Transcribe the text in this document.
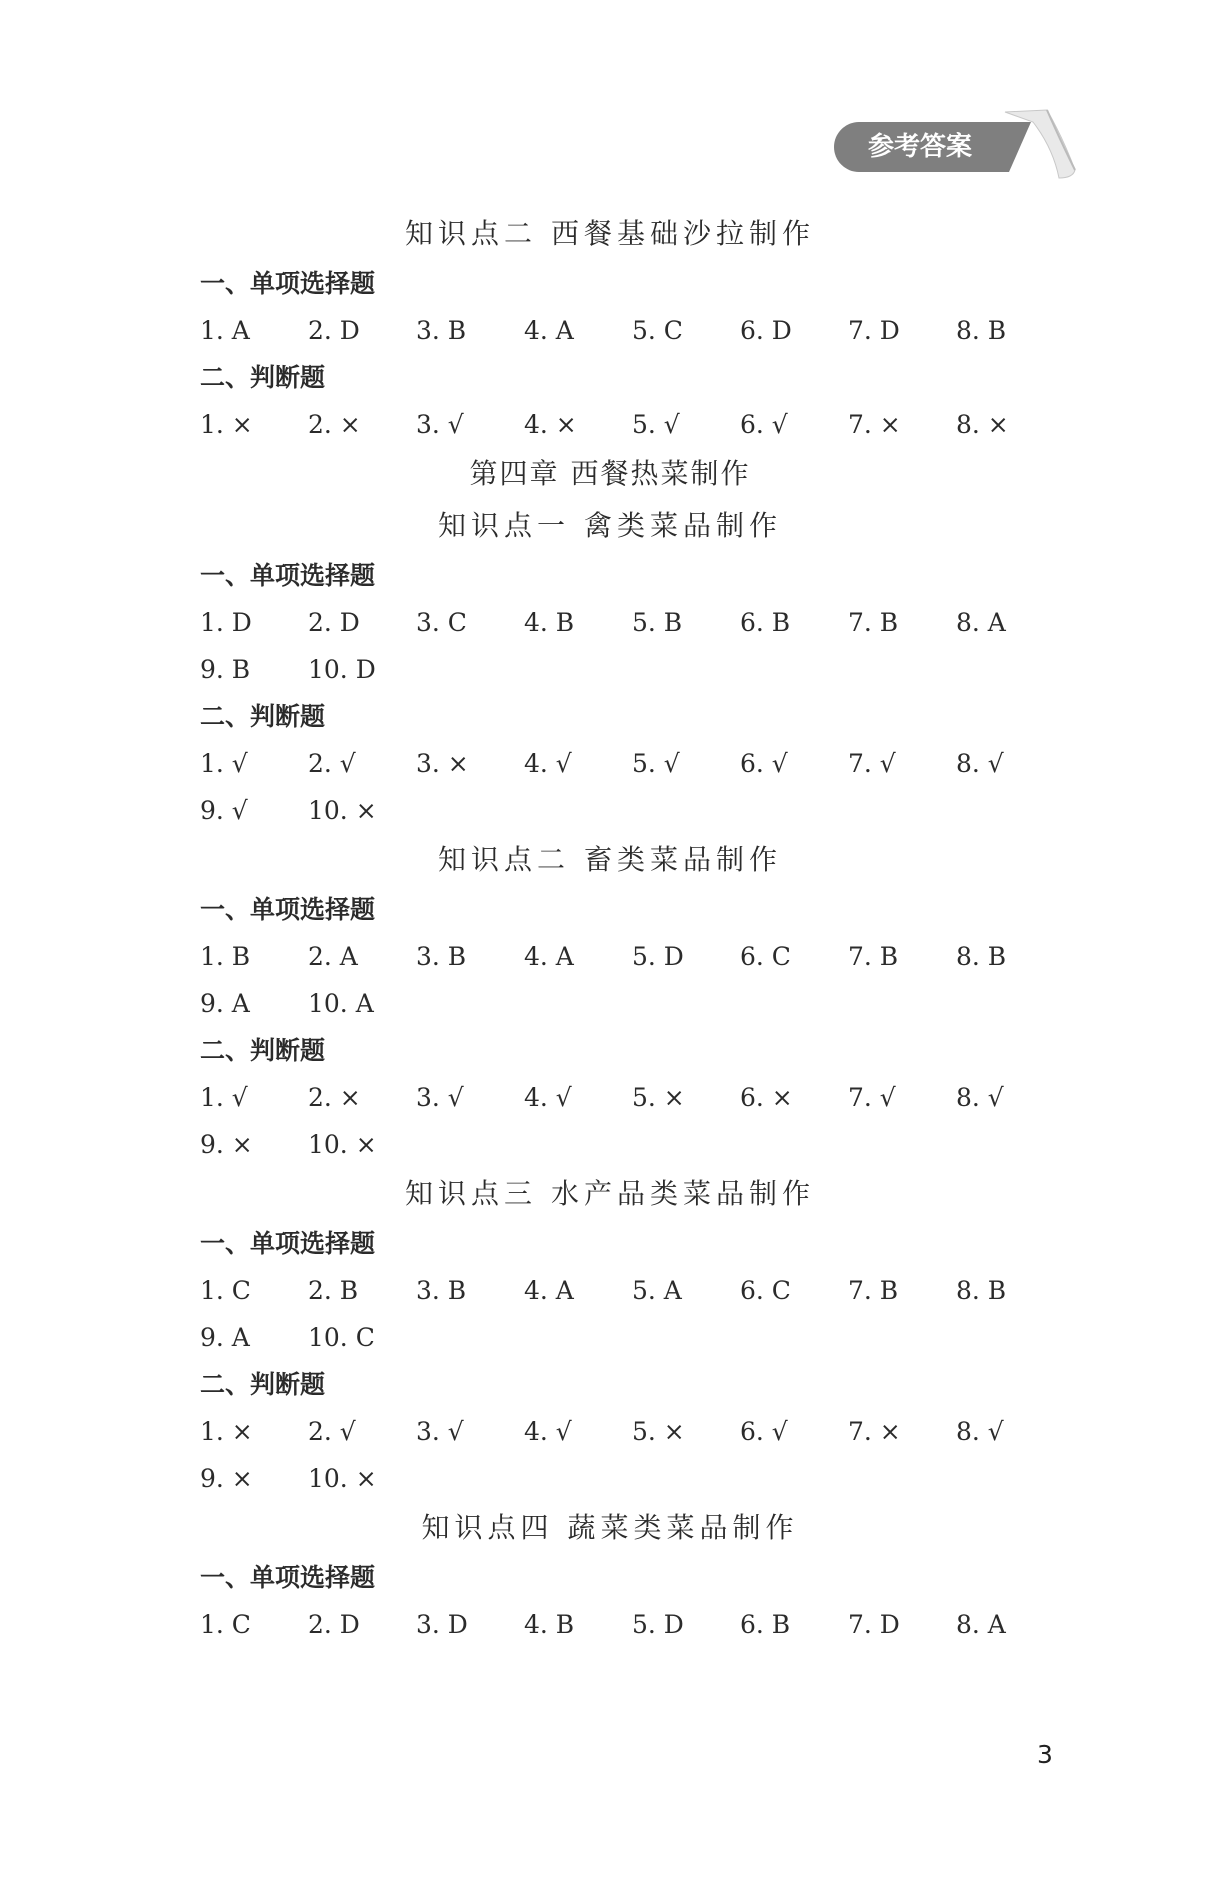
参考答案
知识点二 西餐基础沙拉制作
一、单项选择题
1. A 2. D 3. B 4. A 5. C 6. D 7. D 8. B
二、判断题
1. × 2. × 3. √ 4. × 5. √ 6. √ 7. × 8. ×
第四章 西餐热菜制作
知识点一 禽类菜品制作
一、单项选择题
1. D 2. D 3. C 4. B 5. B 6. B 7. B 8. A
9. B 10. D
二、判断题
1. √ 2. √ 3. × 4. √ 5. √ 6. √ 7. √ 8. √
9. √ 10. ×
知识点二 畜类菜品制作
一、单项选择题
1. B 2. A 3. B 4. A 5. D 6. C 7. B 8. B
9. A 10. A
二、判断题
1. √ 2. × 3. √ 4. √ 5. × 6. × 7. √ 8. √
9. × 10. ×
知识点三 水产品类菜品制作
一、单项选择题
1. C 2. B 3. B 4. A 5. A 6. C 7. B 8. B
9. A 10. C
二、判断题
1. × 2. √ 3. √ 4. √ 5. × 6. √ 7. × 8. √
9. × 10. ×
知识点四 蔬菜类菜品制作
一、单项选择题
1. C 2. D 3. D 4. B 5. D 6. B 7. D 8. A
3
